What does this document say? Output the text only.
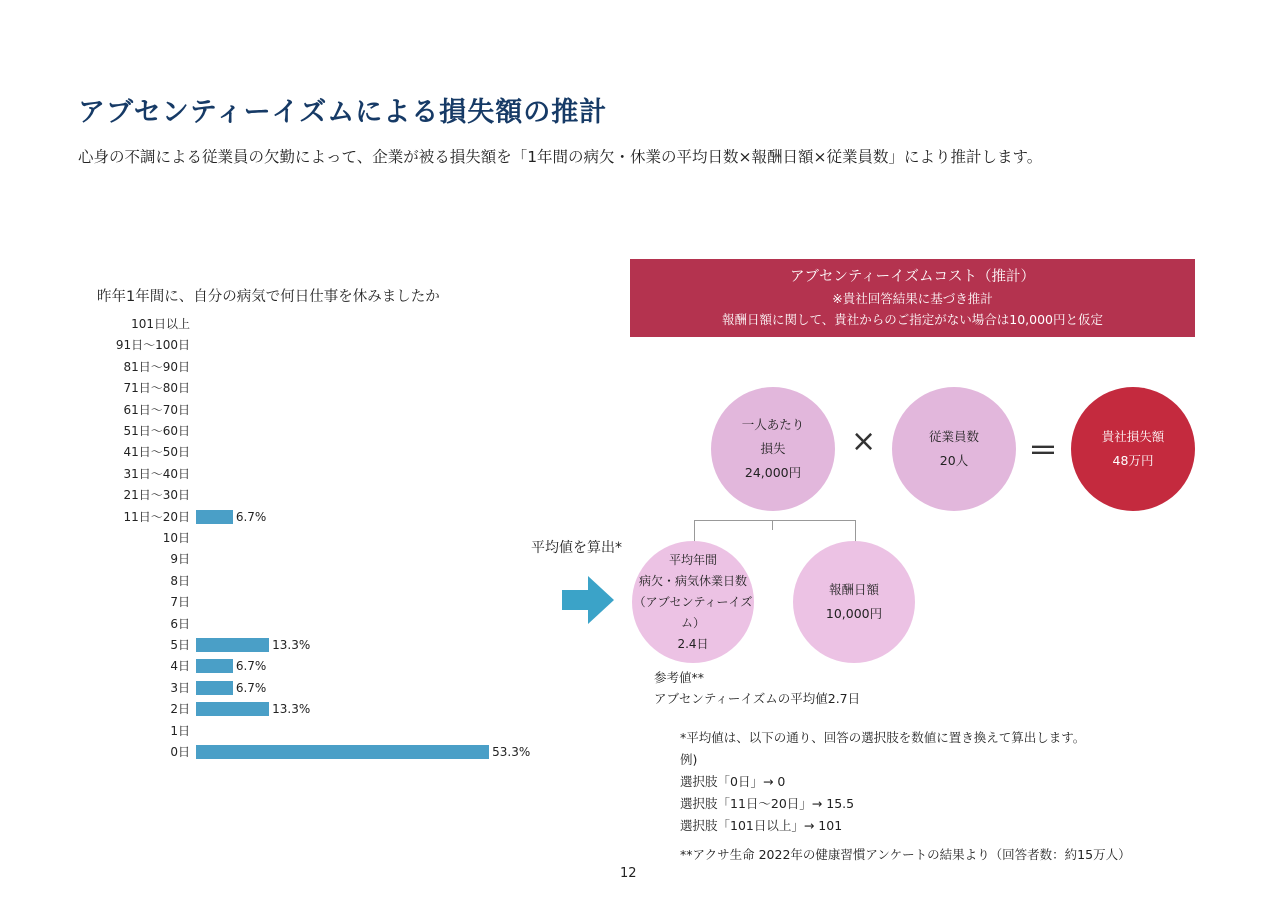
アブセンティーイズムによる損失額の推計
心身の不調による従業員の欠勤によって、企業が被る損失額を「1年間の病欠・休業の平均日数×報酬日額×従業員数」により推計します。
昨年1年間に、自分の病気で何日仕事を休みましたか
101日以上
91日～100日
81日～90日
71日～80日
61日～70日
51日～60日
41日～50日
31日～40日
21日～30日
11日～20日	6.7%
10日
9日
8日
7日
6日
5日	13.3%
4日	6.7%
3日	6.7%
2日	13.3%
1日
0日	53.3%
アブセンティーイズムコスト（推計）
※貴社回答結果に基づき推計
報酬日額に関して、貴社からのご指定がない場合は10,000円と仮定
一人あたり
損失
24,000円
×	従業員数
20人 ＝	貴社損失額
48万円
平均値を算出*
平均年間
病欠・病気休業日数
（アブセンティーイズム）
2.4日
報酬日額
10,000円
参考値**
アブセンティーイズムの平均値2.7日
*平均値は、以下の通り、回答の選択肢を数値に置き換えて算出します。
例)
選択肢「0日」→ 0
選択肢「11日～20日」→ 15.5
選択肢「101日以上」→ 101
**アクサ生命 2022年の健康習慣アンケートの結果より（回答者数：約15万人）
12
